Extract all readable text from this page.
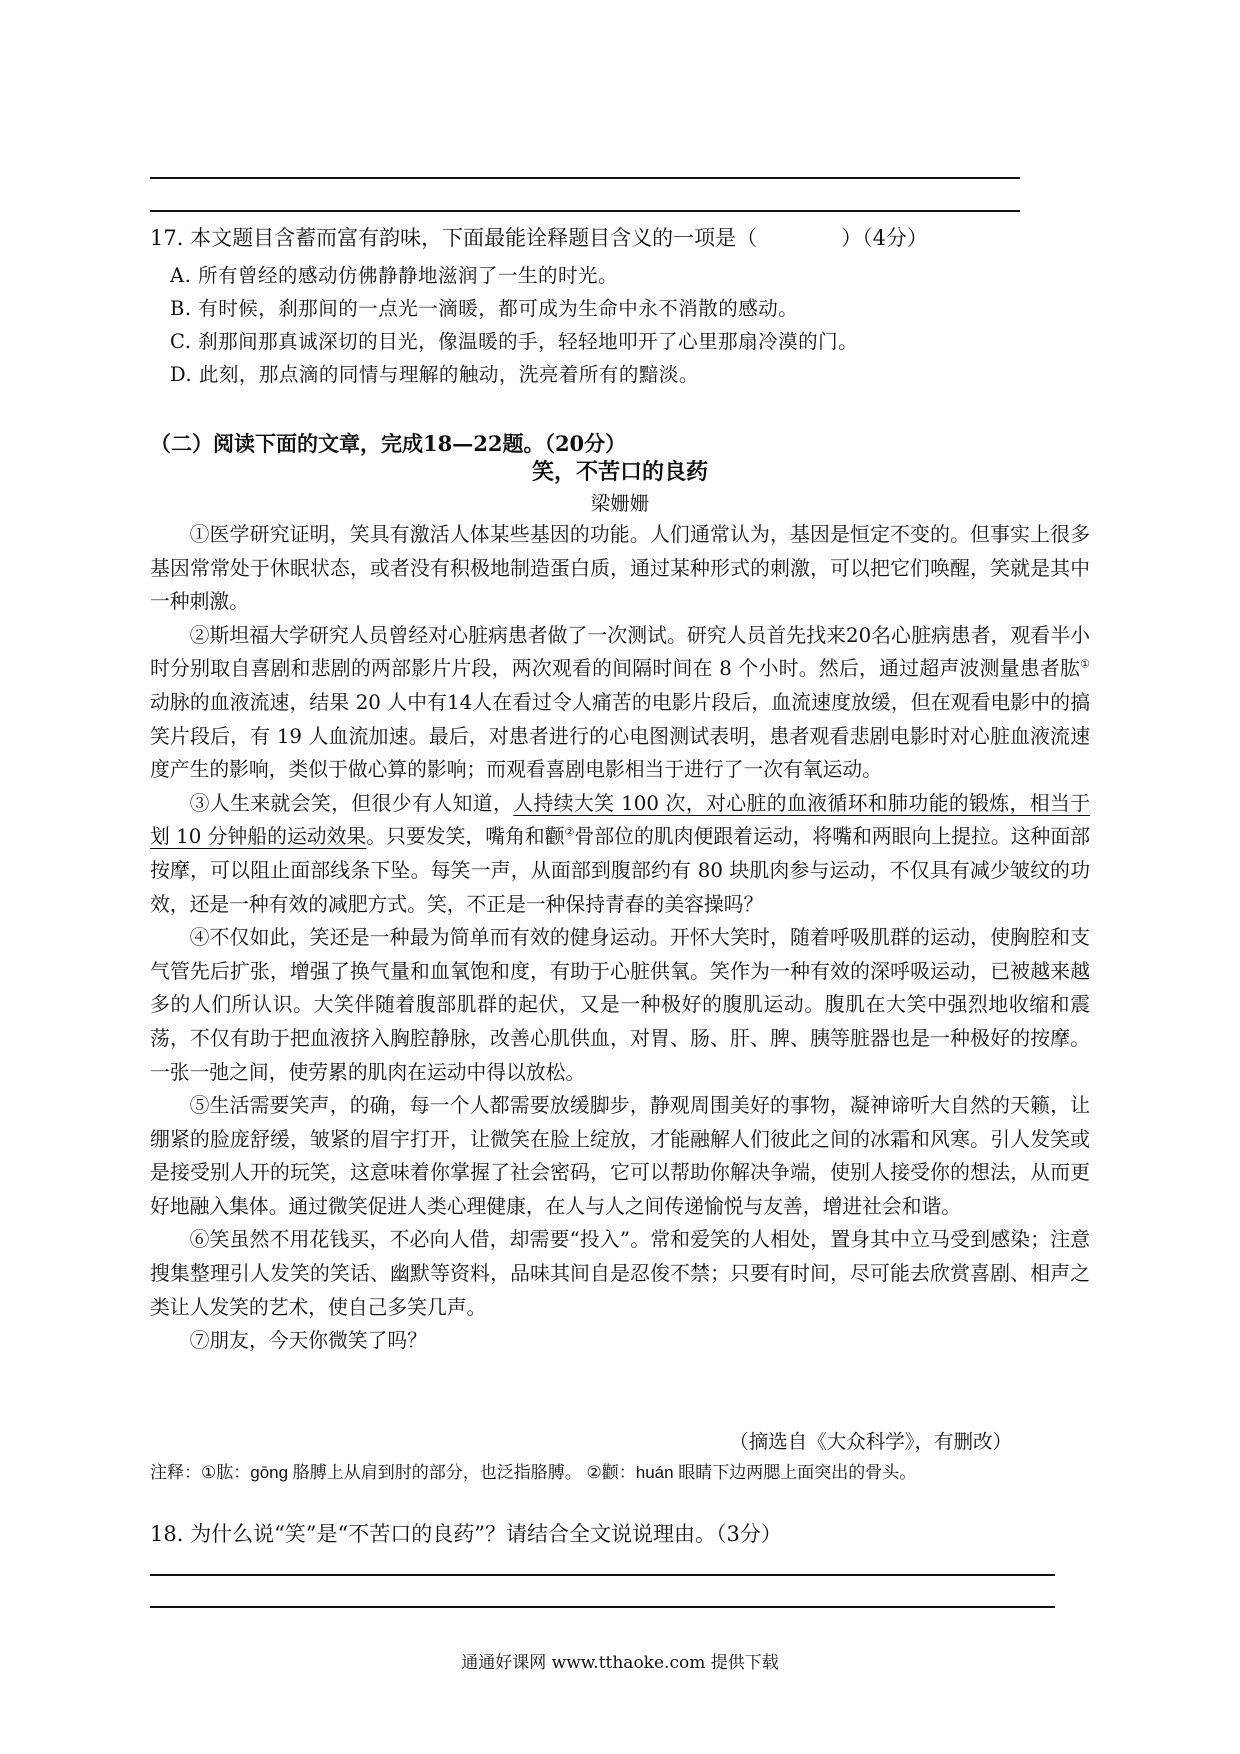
17. 本文题目含蓄而富有韵味，下面最能诠释题目含义的一项是（　　　　）（4分）
A. 所有曾经的感动仿佛静静地滋润了一生的时光。
B. 有时候，刹那间的一点光一滴暖，都可成为生命中永不消散的感动。
C. 刹那间那真诚深切的目光，像温暖的手，轻轻地叩开了心里那扇冷漠的门。
D. 此刻，那点滴的同情与理解的触动，洗亮着所有的黯淡。
（二）阅读下面的文章，完成18—22题。（20分）
笑，不苦口的良药
梁姗姗

①医学研究证明，笑具有激活人体某些基因的功能。人们通常认为，基因是恒定不变的。但事实上很多基因常常处于休眠状态，或者没有积极地制造蛋白质，通过某种形式的刺激，可以把它们唤醒，笑就是其中一种刺激。

②斯坦福大学研究人员曾经对心脏病患者做了一次测试。研究人员首先找来20名心脏病患者，观看半小时分别取自喜剧和悲剧的两部影片片段，两次观看的间隔时间在 8 个小时。然后，通过超声波测量患者肱①动脉的血液流速，结果 20 人中有14人在看过令人痛苦的电影片段后，血流速度放缓，但在观看电影中的搞笑片段后，有 19 人血流加速。最后，对患者进行的心电图测试表明，患者观看悲剧电影时对心脏血液流速度产生的影响，类似于做心算的影响；而观看喜剧电影相当于进行了一次有氧运动。

③人生来就会笑，但很少有人知道，人持续大笑 100 次，对心脏的血液循环和肺功能的锻炼，相当于划 10 分钟船的运动效果。只要发笑，嘴角和颧②骨部位的肌肉便跟着运动，将嘴和两眼向上提拉。这种面部按摩，可以阻止面部线条下坠。每笑一声，从面部到腹部约有 80 块肌肉参与运动，不仅具有减少皱纹的功效，还是一种有效的减肥方式。笑，不正是一种保持青春的美容操吗？

④不仅如此，笑还是一种最为简单而有效的健身运动。开怀大笑时，随着呼吸肌群的运动，使胸腔和支气管先后扩张，增强了换气量和血氧饱和度，有助于心脏供氧。笑作为一种有效的深呼吸运动，已被越来越多的人们所认识。大笑伴随着腹部肌群的起伏，又是一种极好的腹肌运动。腹肌在大笑中强烈地收缩和震荡，不仅有助于把血液挤入胸腔静脉，改善心肌供血，对胃、肠、肝、脾、胰等脏器也是一种极好的按摩。一张一弛之间，使劳累的肌肉在运动中得以放松。

⑤生活需要笑声，的确，每一个人都需要放缓脚步，静观周围美好的事物，凝神谛听大自然的天籁，让绷紧的脸庞舒缓，皱紧的眉宇打开，让微笑在脸上绽放，才能融解人们彼此之间的冰霜和风寒。引人发笑或是接受别人开的玩笑，这意味着你掌握了社会密码，它可以帮助你解决争端，使别人接受你的想法，从而更好地融入集体。通过微笑促进人类心理健康，在人与人之间传递愉悦与友善，增进社会和谐。

⑥笑虽然不用花钱买，不必向人借，却需要“投入”。常和爱笑的人相处，置身其中立马受到感染；注意搜集整理引人发笑的笑话、幽默等资料，品味其间自是忍俊不禁；只要有时间，尽可能去欣赏喜剧、相声之类让人发笑的艺术，使自己多笑几声。

⑦朋友，今天你微笑了吗？

（摘选自《大众科学》，有删改）
注释：①肱：gōng 胳膊上从肩到肘的部分，也泛指胳膊。 ②颧：huán 眼睛下边两腮上面突出的骨头。
18. 为什么说“笑”是“不苦口的良药”？请结合全文说说理由。（3分）
通通好课网 www.tthaoke.com 提供下载
